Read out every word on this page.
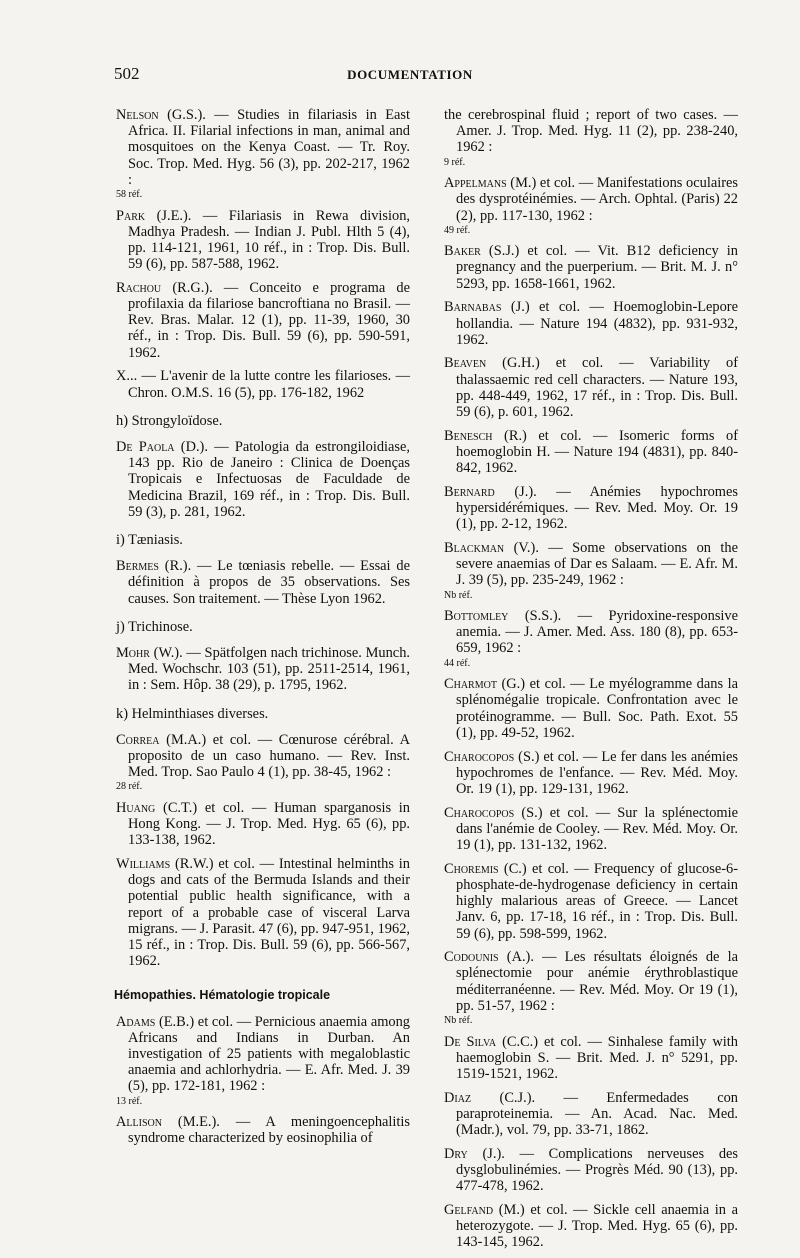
502	DOCUMENTATION
Nelson (G.S.). — Studies in filariasis in East Africa. II. Filarial infections in man, animal and mosquitoes on the Kenya Coast. — Tr. Roy. Soc. Trop. Med. Hyg. 56 (3), pp. 202-217, 1962 :
58 réf.
Park (J.E.). — Filariasis in Rewa division, Madhya Pradesh. — Indian J. Publ. Hlth 5 (4), pp. 114-121, 1961, 10 réf., in : Trop. Dis. Bull. 59 (6), pp. 587-588, 1962.
Rachou (R.G.). — Conceito e programa de profilaxia da filariose bancroftiana no Brasil. — Rev. Bras. Malar. 12 (1), pp. 11-39, 1960, 30 réf., in : Trop. Dis. Bull. 59 (6), pp. 590-591, 1962.
X... — L'avenir de la lutte contre les filarioses. — Chron. O.M.S. 16 (5), pp. 176-182, 1962
h) Strongyloïdose.
De Paola (D.). — Patologia da estrongiloidiase, 143 pp. Rio de Janeiro : Clinica de Doenças Tropicais e Infectuosas de Faculdade de Medicina Brazil, 169 réf., in : Trop. Dis. Bull. 59 (3), p. 281, 1962.
i) Tæniasis.
Bermes (R.). — Le tœniasis rebelle. — Essai de définition à propos de 35 observations. Ses causes. Son traitement. — Thèse Lyon 1962.
j) Trichinose.
Mohr (W.). — Spätfolgen nach trichinose. Munch. Med. Wochschr. 103 (51), pp. 2511-2514, 1961, in : Sem. Hôp. 38 (29), p. 1795, 1962.
k) Helminthiases diverses.
Correa (M.A.) et col. — Cœnurose cérébral. A proposito de un caso humano. — Rev. Inst. Med. Trop. Sao Paulo 4 (1), pp. 38-45, 1962 :
28 réf.
Huang (C.T.) et col. — Human sparganosis in Hong Kong. — J. Trop. Med. Hyg. 65 (6), pp. 133-138, 1962.
Williams (R.W.) et col. — Intestinal helminths in dogs and cats of the Bermuda Islands and their potential public health significance, with a report of a probable case of visceral Larva migrans. — J. Parasit. 47 (6), pp. 947-951, 1962, 15 réf., in : Trop. Dis. Bull. 59 (6), pp. 566-567, 1962.
Hémopathies. Hématologie tropicale
Adams (E.B.) et col. — Pernicious anaemia among Africans and Indians in Durban. An investigation of 25 patients with megaloblastic anaemia and achlorhydria. — E. Afr. Med. J. 39 (5), pp. 172-181, 1962 :
13 réf.
Allison (M.E.). — A meningoencephalitis syndrome characterized by eosinophilia of
the cerebrospinal fluid ; report of two cases. — Amer. J. Trop. Med. Hyg. 11 (2), pp. 238-240, 1962 :
9 réf.
Appelmans (M.) et col. — Manifestations oculaires des dysprotéinémies. — Arch. Ophtal. (Paris) 22 (2), pp. 117-130, 1962 :
49 réf.
Baker (S.J.) et col. — Vit. B12 deficiency in pregnancy and the puerperium. — Brit. M. J. n° 5293, pp. 1658-1661, 1962.
Barnabas (J.) et col. — Hoemoglobin-Lepore hollandia. — Nature 194 (4832), pp. 931-932, 1962.
Beaven (G.H.) et col. — Variability of thalassaemic red cell characters. — Nature 193, pp. 448-449, 1962, 17 réf., in : Trop. Dis. Bull. 59 (6), p. 601, 1962.
Benesch (R.) et col. — Isomeric forms of hoemoglobin H. — Nature 194 (4831), pp. 840-842, 1962.
Bernard (J.). — Anémies hypochromes hypersidérémiques. — Rev. Med. Moy. Or. 19 (1), pp. 2-12, 1962.
Blackman (V.). — Some observations on the severe anaemias of Dar es Salaam. — E. Afr. M. J. 39 (5), pp. 235-249, 1962 :
Nb réf.
Bottomley (S.S.). — Pyridoxine-responsive anemia. — J. Amer. Med. Ass. 180 (8), pp. 653-659, 1962 :
44 réf.
Charmot (G.) et col. — Le myélogramme dans la splénomégalie tropicale. Confrontation avec le protéinogramme. — Bull. Soc. Path. Exot. 55 (1), pp. 49-52, 1962.
Charocopos (S.) et col. — Le fer dans les anémies hypochromes de l'enfance. — Rev. Méd. Moy. Or. 19 (1), pp. 129-131, 1962.
Charocopos (S.) et col. — Sur la splénectomie dans l'anémie de Cooley. — Rev. Méd. Moy. Or. 19 (1), pp. 131-132, 1962.
Choremis (C.) et col. — Frequency of glucose-6-phosphate-de-hydrogenase deficiency in certain highly malarious areas of Greece. — Lancet Janv. 6, pp. 17-18, 16 réf., in : Trop. Dis. Bull. 59 (6), pp. 598-599, 1962.
Codounis (A.). — Les résultats éloignés de la splénectomie pour anémie érythroblastique méditerranéenne. — Rev. Méd. Moy. Or 19 (1), pp. 51-57, 1962 :
Nb réf.
De Silva (C.C.) et col. — Sinhalese family with haemoglobin S. — Brit. Med. J. n° 5291, pp. 1519-1521, 1962.
Diaz (C.J.). — Enfermedades con paraproteinemia. — An. Acad. Nac. Med. (Madr.), vol. 79, pp. 33-71, 1862.
Dry (J.). — Complications nerveuses des dysglobulinémies. — Progrès Méd. 90 (13), pp. 477-478, 1962.
Gelfand (M.) et col. — Sickle cell anaemia in a heterozygote. — J. Trop. Med. Hyg. 65 (6), pp. 143-145, 1962.
